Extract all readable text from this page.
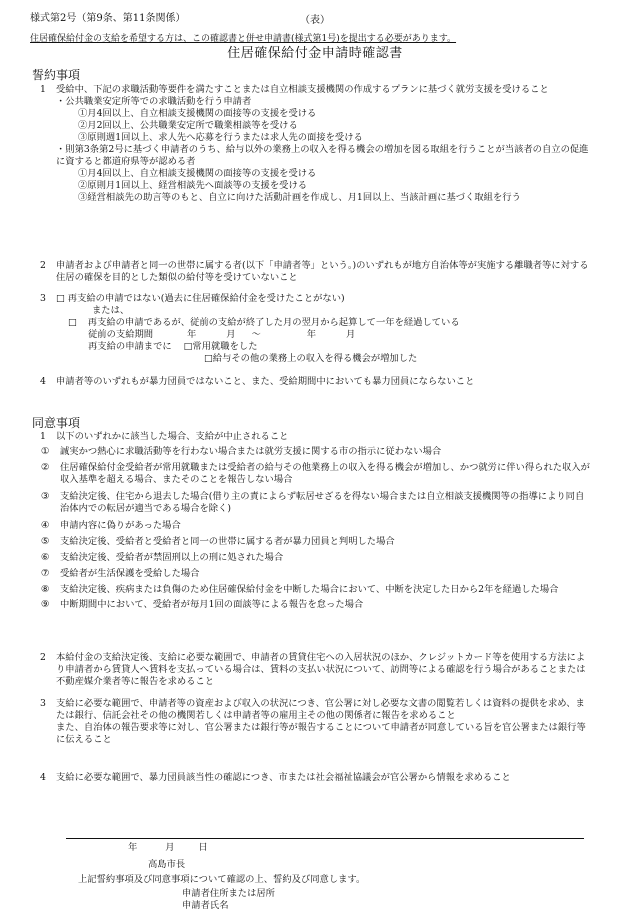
様式第2号（第9条、第11条関係）	（表）
住居確保給付金の支給を希望する方は、この確認書と併せ申請書(様式第1号)を提出する必要があります。
住居確保給付金申請時確認書
誓約事項
1	受給中、下記の求職活動等要件を満たすことまたは自立相談支援機関の作成するプランに基づく就労支援を受けること
・公共職業安定所等での求職活動を行う申請者
①月4回以上、自立相談支援機関の面接等の支援を受ける
②月2回以上、公共職業安定所で職業相談等を受ける
③原則週1回以上、求人先へ応募を行うまたは求人先の面接を受ける
・則第3条第2号に基づく申請者のうち、給与以外の業務上の収入を得る機会の増加を図る取組を行うことが当該者の自立の促進に資すると都道府県等が認める者
①月4回以上、自立相談支援機関の面接等の支援を受ける
②原則月1回以上、経営相談先へ面談等の支援を受ける
③経営相談先の助言等のもと、自立に向けた活動計画を作成し、月1回以上、当該計画に基づく取組を行う
2	申請者および申請者と同一の世帯に属する者(以下「申請者等」という。)のいずれもが地方自治体等が実施する離職者等に対する住居の確保を目的とした類似の給付等を受けていないこと
3	□ 再支給の申請ではない(過去に住居確保給付金を受けたことがない)
または、
□ 再支給の申請であるが、従前の支給が終了した月の翌月から起算して一年を経過している
従前の支給期間	年	月 ～	年	月
再支給の申請までに □常用就職をした
□給与その他の業務上の収入を得る機会が増加した
4	申請者等のいずれもが暴力団員ではないこと、また、受給期間中においても暴力団員にならないこと
同意事項
1	以下のいずれかに該当した場合、支給が中止されること
①	誠実かつ熱心に求職活動等を行わない場合または就労支援に関する市の指示に従わない場合
②	住居確保給付金受給者が常用就職または受給者の給与その他業務上の収入を得る機会が増加し、かつ就労に伴い得られた収入が収入基準を超える場合、またそのことを報告しない場合
③	支給決定後、住宅から退去した場合(借り主の責によらず転居せざるを得ない場合または自立相談支援機関等の指導により同自治体内での転居が適当である場合を除く)
④	申請内容に偽りがあった場合
⑤	支給決定後、受給者と受給者と同一の世帯に属する者が暴力団員と判明した場合
⑥	支給決定後、受給者が禁固刑以上の刑に処された場合
⑦	受給者が生活保護を受給した場合
⑧	支給決定後、疾病または負傷のため住居確保給付金を中断した場合において、中断を決定した日から2年を経過した場合
⑨	中断期間中において、受給者が毎月1回の面談等による報告を怠った場合
2	本給付金の支給決定後、支給に必要な範囲で、申請者の賃貸住宅への入居状況のほか、クレジットカード等を使用する方法により申請者から賃貸人へ賃料を支払っている場合は、賃料の支払い状況について、訪問等による確認を行う場合があることまたは不動産媒介業者等に報告を求めること
3	支給に必要な範囲で、申請者等の資産および収入の状況につき、官公署に対し必要な文書の閲覧若しくは資料の提供を求め、または銀行、信託会社その他の機関若しくは申請者等の雇用主その他の関係者に報告を求めること
また、自治体の報告要求等に対し、官公署または銀行等が報告することについて申請者が同意している旨を官公署または銀行等に伝えること
4	支給に必要な範囲で、暴力団員該当性の確認につき、市または社会福祉協議会が官公署から情報を求めること
年	月	日
高島市長
上記誓約事項及び同意事項について確認の上、誓約及び同意します。
申請者住所または居所
申請者氏名
